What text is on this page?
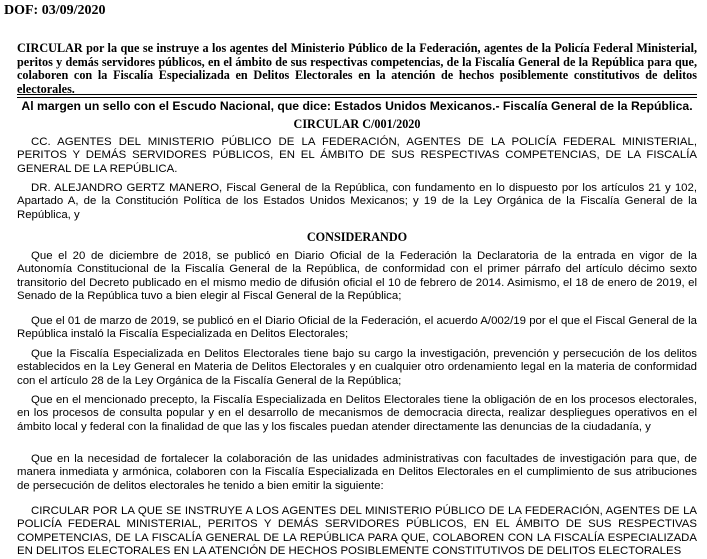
DOF: 03/09/2020
CIRCULAR por la que se instruye a los agentes del Ministerio Público de la Federación, agentes de la Policía Federal Ministerial, peritos y demás servidores públicos, en el ámbito de sus respectivas competencias, de la Fiscalía General de la República para que, colaboren con la Fiscalía Especializada en Delitos Electorales en la atención de hechos posiblemente constitutivos de delitos electorales.
Al margen un sello con el Escudo Nacional, que dice: Estados Unidos Mexicanos.- Fiscalía General de la República.
CIRCULAR C/001/2020
CC. AGENTES DEL MINISTERIO PÚBLICO DE LA FEDERACIÓN, AGENTES DE LA POLICÍA FEDERAL MINISTERIAL, PERITOS Y DEMÁS SERVIDORES PÚBLICOS, EN EL ÁMBITO DE SUS RESPECTIVAS COMPETENCIAS, DE LA FISCALÍA GENERAL DE LA REPÚBLICA.
DR. ALEJANDRO GERTZ MANERO, Fiscal General de la República, con fundamento en lo dispuesto por los artículos 21 y 102, Apartado A, de la Constitución Política de los Estados Unidos Mexicanos; y 19 de la Ley Orgánica de la Fiscalía General de la República, y
CONSIDERANDO
Que el 20 de diciembre de 2018, se publicó en Diario Oficial de la Federación la Declaratoria de la entrada en vigor de la Autonomía Constitucional de la Fiscalía General de la República, de conformidad con el primer párrafo del artículo décimo sexto transitorio del Decreto publicado en el mismo medio de difusión oficial el 10 de febrero de 2014. Asimismo, el 18 de enero de 2019, el Senado de la República tuvo a bien elegir al Fiscal General de la República;
Que el 01 de marzo de 2019, se publicó en el Diario Oficial de la Federación, el acuerdo A/002/19 por el que el Fiscal General de la República instaló la Fiscalía Especializada en Delitos Electorales;
Que la Fiscalía Especializada en Delitos Electorales tiene bajo su cargo la investigación, prevención y persecución de los delitos establecidos en la Ley General en Materia de Delitos Electorales y en cualquier otro ordenamiento legal en la materia de conformidad con el artículo 28 de la Ley Orgánica de la Fiscalía General de la República;
Que en el mencionado precepto, la Fiscalía Especializada en Delitos Electorales tiene la obligación de en los procesos electorales, en los procesos de consulta popular y en el desarrollo de mecanismos de democracia directa, realizar despliegues operativos en el ámbito local y federal con la finalidad de que las y los fiscales puedan atender directamente las denuncias de la ciudadanía, y
Que en la necesidad de fortalecer la colaboración de las unidades administrativas con facultades de investigación para que, de manera inmediata y armónica, colaboren con la Fiscalía Especializada en Delitos Electorales en el cumplimiento de sus atribuciones de persecución de delitos electorales he tenido a bien emitir la siguiente:
CIRCULAR POR LA QUE SE INSTRUYE A LOS AGENTES DEL MINISTERIO PÚBLICO DE LA FEDERACIÓN, AGENTES DE LA POLICÍA FEDERAL MINISTERIAL, PERITOS Y DEMÁS SERVIDORES PÚBLICOS, EN EL ÁMBITO DE SUS RESPECTIVAS COMPETENCIAS, DE LA FISCALÍA GENERAL DE LA REPÚBLICA PARA QUE, COLABOREN CON LA FISCALÍA ESPECIALIZADA EN DELITOS ELECTORALES EN LA ATENCIÓN DE HECHOS POSIBLEMENTE CONSTITUTIVOS DE DELITOS ELECTORALES
